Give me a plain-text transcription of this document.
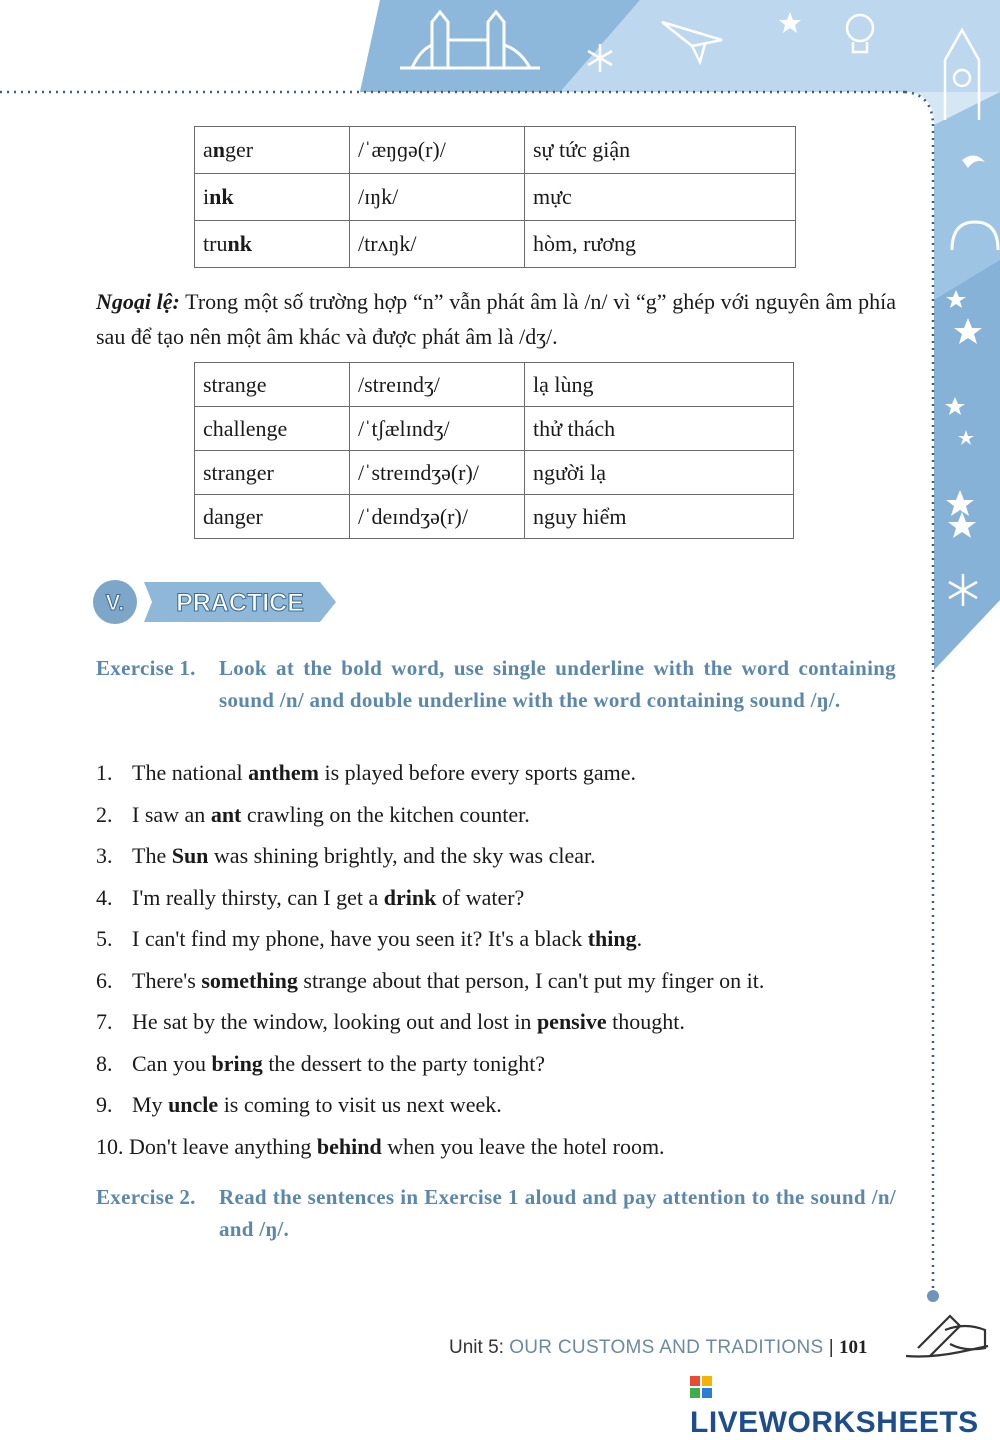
anger	/ˈæŋɡə(r)/	sự tức giận
ink	/ɪŋk/	mực
trunk	/trʌŋk/	hòm, rương

Ngoại lệ: Trong một số trường hợp “n” vẫn phát âm là /n/ vì “g” ghép với nguyên âm phía sau để tạo nên một âm khác và được phát âm là /dʒ/.

strange	/streɪndʒ/	lạ lùng
challenge	/ˈtʃælɪndʒ/	thử thách
stranger	/ˈstreɪndʒə(r)/	người lạ
danger	/ˈdeɪndʒə(r)/	nguy hiểm
V. PRACTICE
Exercise 1. Look at the bold word, use single underline with the word containing sound /n/ and double underline with the word containing sound /ŋ/.
1. The national anthem is played before every sports game.
2. I saw an ant crawling on the kitchen counter.
3. The Sun was shining brightly, and the sky was clear.
4. I'm really thirsty, can I get a drink of water?
5. I can't find my phone, have you seen it? It's a black thing.
6. There's something strange about that person, I can't put my finger on it.
7. He sat by the window, looking out and lost in pensive thought.
8. Can you bring the dessert to the party tonight?
9. My uncle is coming to visit us next week.
10. Don't leave anything behind when you leave the hotel room.
Exercise 2. Read the sentences in Exercise 1 aloud and pay attention to the sound /n/ and /ŋ/.
Unit 5: OUR CUSTOMS AND TRADITIONS | 101
LIVEWORKSHEETS
